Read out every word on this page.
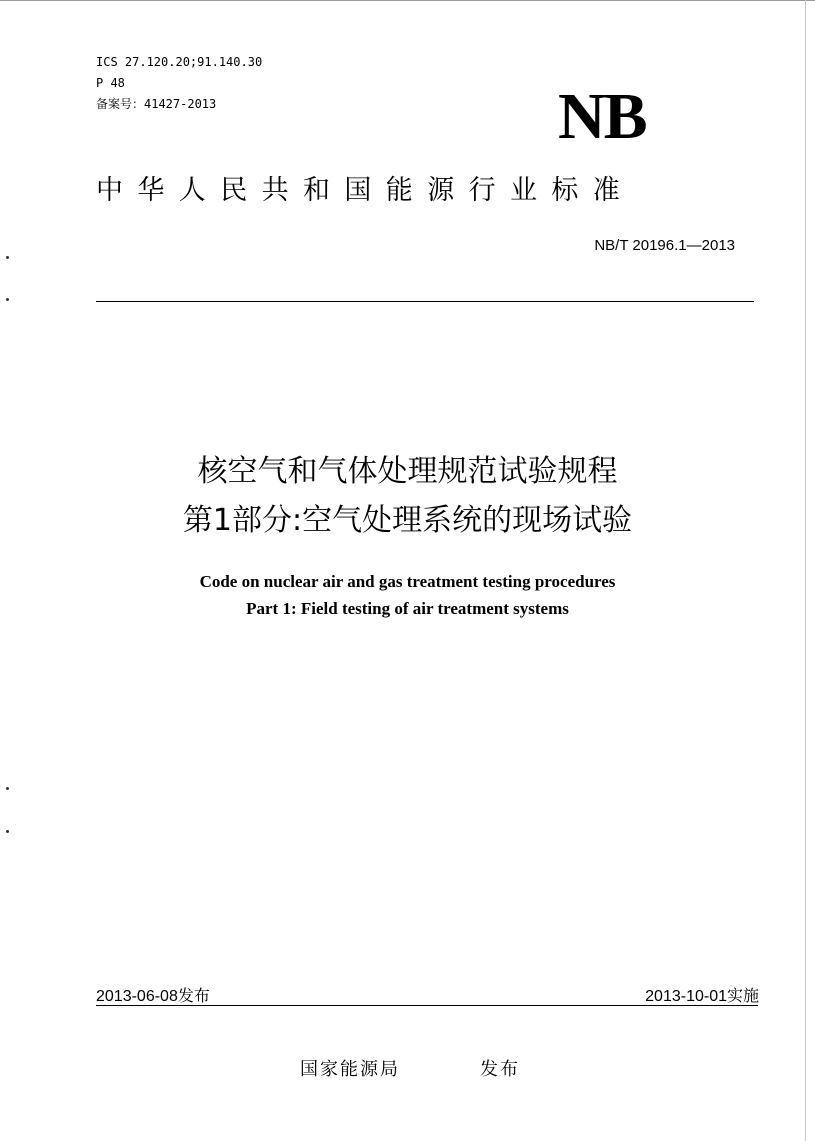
ICS 27.120.20;91.140.30
P 48
备案号：41427-2013	NB
中华人民共和国能源行业标准
NB/T 20196.1—2013
核空气和气体处理规范试验规程
第1部分:空气处理系统的现场试验
Code on nuclear air and gas treatment testing procedures
Part 1: Field testing of air treatment systems
2013-06-08发布	2013-10-01实施
国家能源局	发布
